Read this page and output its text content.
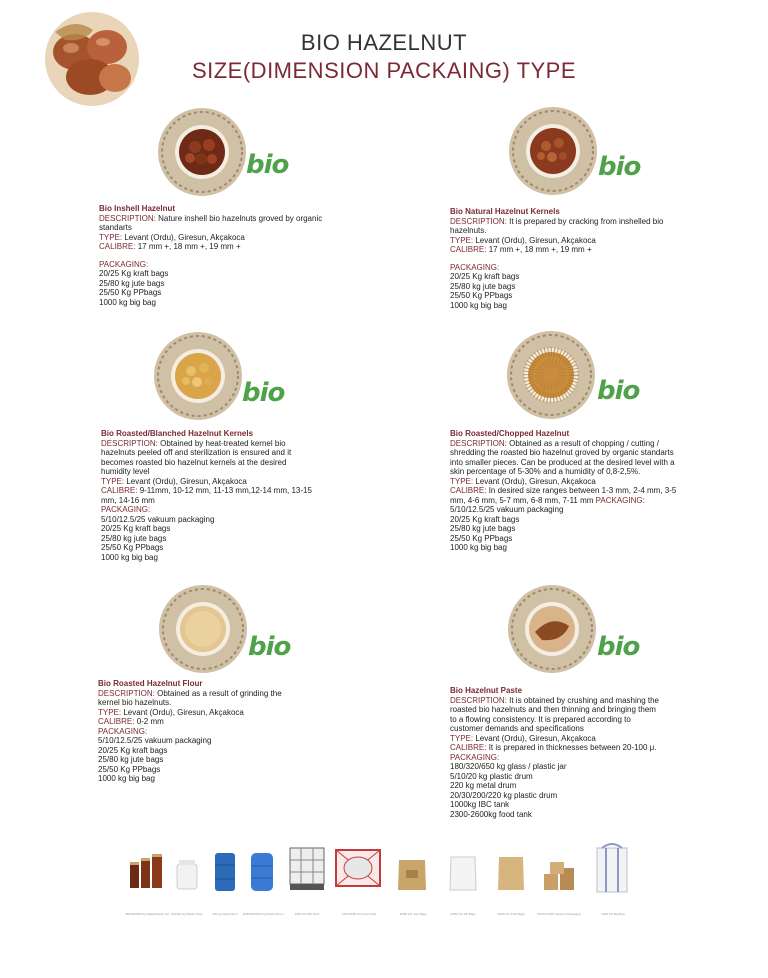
BIO HAZELNUT
SIZE(DIMENSION PACKAING) TYPE
bio
Bio Inshell Hazelnut
DESCRIPTION: Nature inshell bio hazelnuts groved by organic standarts
TYPE: Levant (Ordu), Giresun, Akçakoca
CALIBRE: 17 mm +, 18 mm +, 19 mm +
PACKAGING:
20/25 Kg kraft bags
25/80 kg jute bags
25/50 Kg PPbags
1000 kg big bag
bio
Bio Natural Hazelnut Kernels
DESCRIPTION: It is prepared by cracking from inshelled bio hazelnuts.
TYPE: Levant (Ordu), Giresun, Akçakoca
CALIBRE: 17 mm +, 18 mm +, 19 mm +
PACKAGING:
20/25 Kg kraft bags
25/80 kg jute bags
25/50 Kg PPbags
1000 kg big bag
bio
Bio Roasted/Blanched Hazelnut Kernels
DESCRIPTION: Obtained by heat-treated kernel bio hazelnuts peeled off and sterilization is ensured and it becomes roasted bio hazelnut kernels at the desired humidity level
TYPE: Levant (Ordu), Giresun, Akçakoca
CALIBRE: 9-11mm, 10-12 mm, 11-13 mm,12-14 mm, 13-15 mm, 14-16 mm
PACKAGING:
5/10/12.5/25 vakuum packaging
20/25 Kg kraft bags
25/80 kg jute bags
25/50 Kg PPbags
1000 kg big bag
bio
Bio Roasted/Chopped Hazelnut
DESCRIPTION: Obtained as a result of chopping / cutting / shredding the roasted bio hazelnut groved by organic standarts into smaller pieces. Can be produced at the desired level with a skin percentage of 5-30% and a humidity of 0,8-2,5%.
TYPE: Levant (Ordu), Giresun, Akçakoca
CALIBRE: In desired size ranges between 1-3 mm, 2-4 mm, 3-5 mm, 4-6 mm, 5-7 mm, 6-8 mm, 7-11 mm PACKAGING:
5/10/12.5/25 vakuum packaging
20/25 Kg kraft bags
25/80 kg jute bags
25/50 Kg PPbags
1000 kg big bag
bio
Bio Roasted Hazelnut Flour
DESCRIPTION: Obtained as a result of grinding the kernel bio hazelnuts.
TYPE: Levant (Ordu), Giresun, Akçakoca
CALIBRE: 0-2 mm
PACKAGING:
5/10/12.5/25 vakuum packaging
20/25 Kg kraft bags
25/80 kg jute bags
25/50 Kg PPbags
1000 kg big bag
bio
Bio Hazelnut Paste
DESCRIPTION: It is obtained by crushing and mashing the roasted bio hazelnuts and then thinning and bringing them to a flowing consistency. It is prepared according to customer demands and specifications
TYPE: Levant (Ordu), Giresun, Akçakoca
CALIBRE: It is prepared in thicknesses between 20-100 μ.
PACKAGING:
180/320/650 kg glass / plastic jar
5/10/20 kg plastic drum
220 kg metal drum
20/30/200/220 kg plastic drum
1000kg IBC tank
2300-2600kg food tank
180/320/650 kg Glass/Plastic Jar 5/10/20 kg Plastic Drum	220 kg Metal Drum	20/30/200/220 kg Plastic Drum	1000 KG IBC Tank	2300-2600 KG Food Tank	25/80 KG Jute Bags	25/50 KG PP Bags	20/25 KG Kraft Bags	5/10/12.5/25 Vacuum Packaging	1000 KG Big Bag
